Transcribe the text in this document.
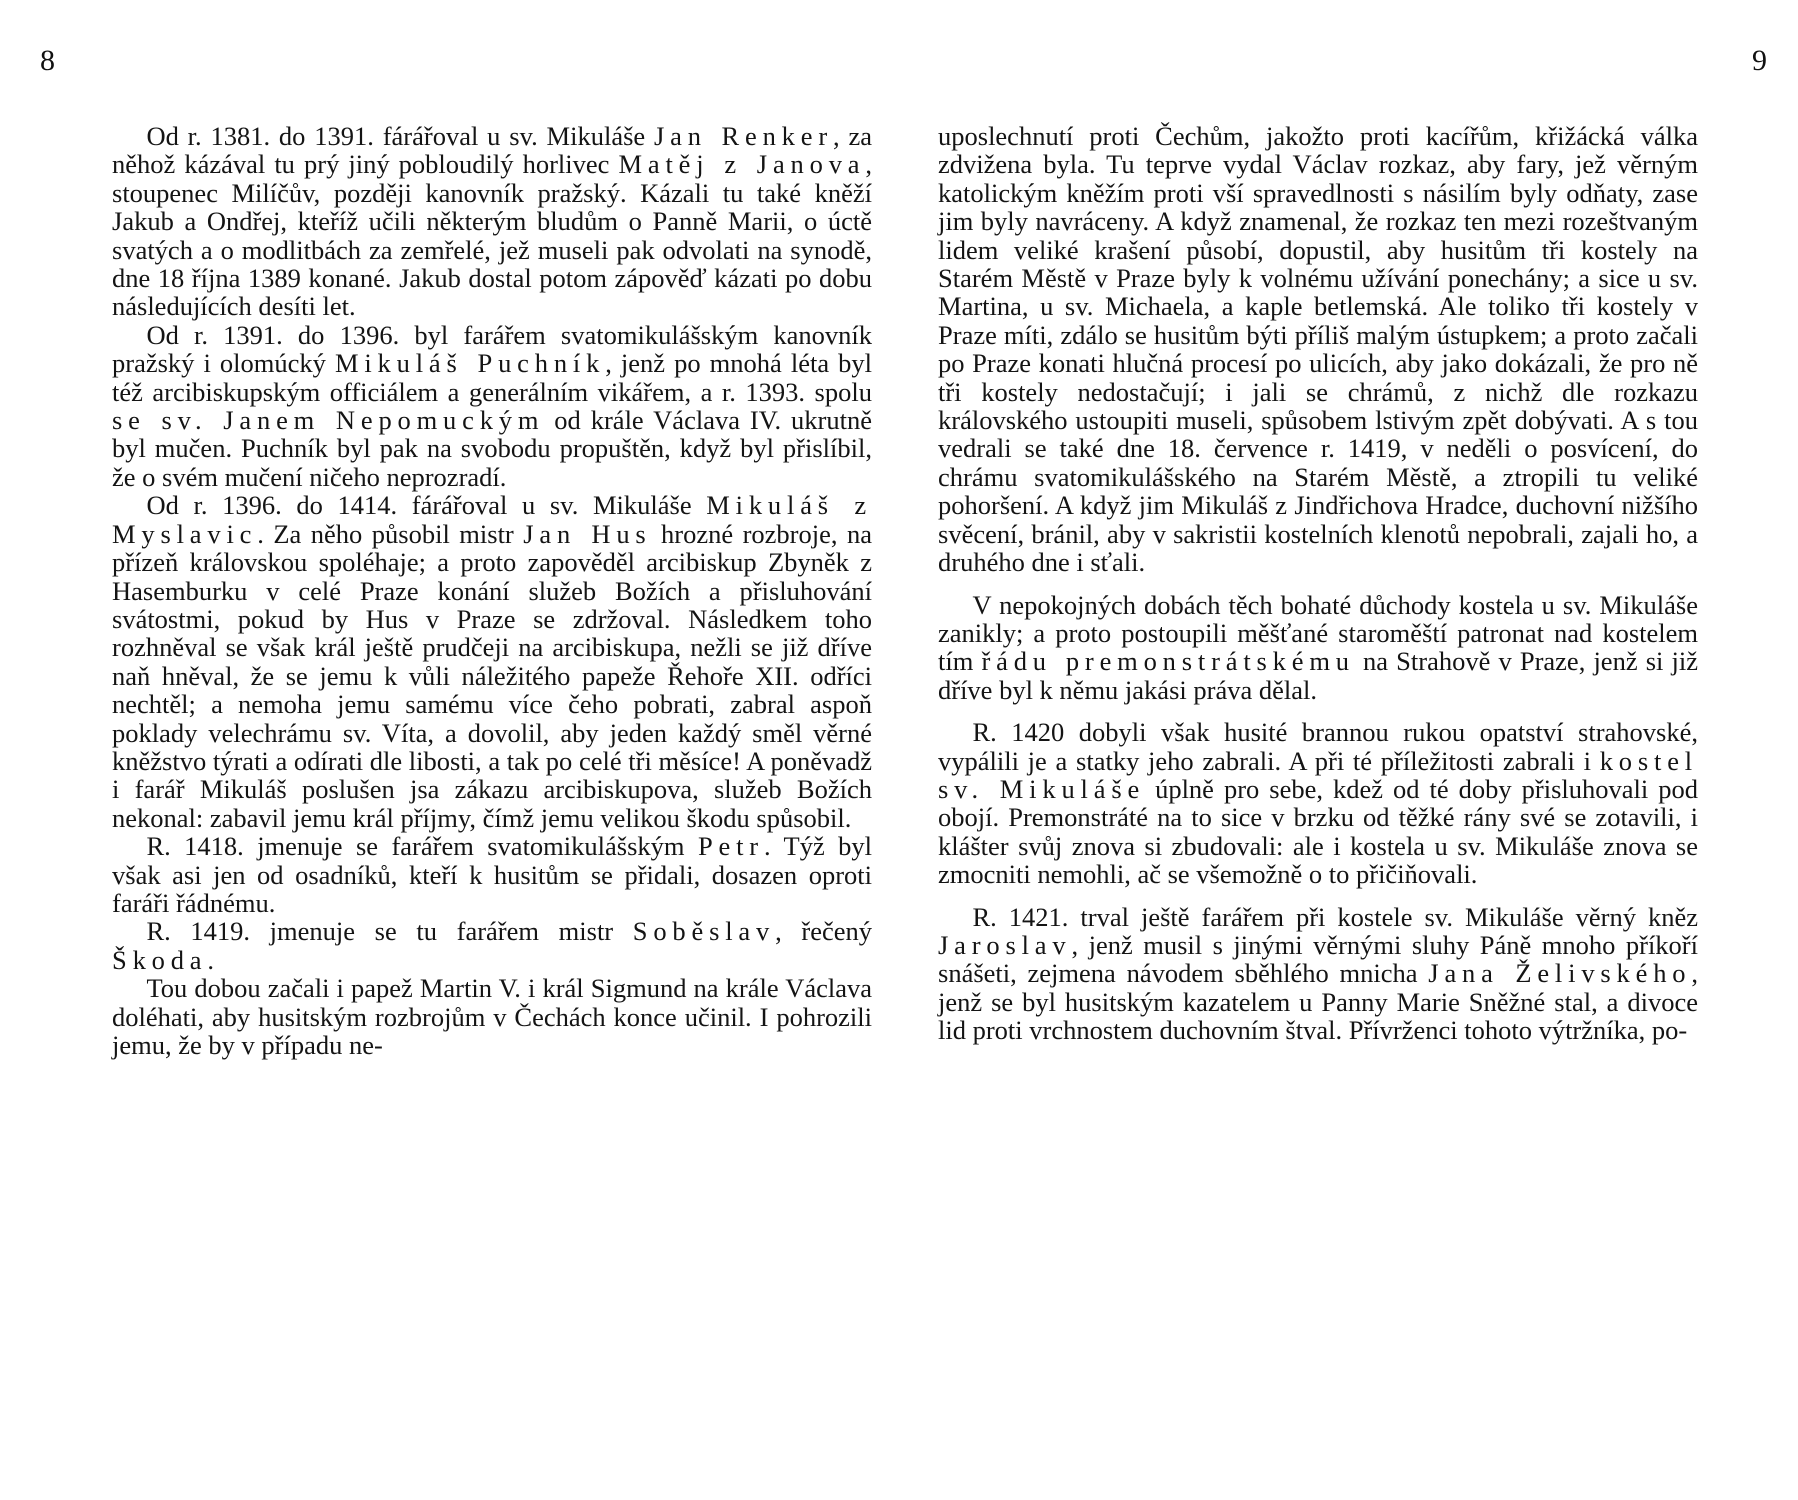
8	9

Od r. 1381. do 1391. fárářoval u sv. Mikuláše Jan Renker, za něhož kázával tu prý jiný pobloudilý horlivec Matěj z Janova, stoupenec Milíčův, později kanovník pražský. Kázali tu také kněží Jakub a Ondřej, kteříž učili některým bludům o Panně Marii, o úctě svatých a o modlitbách za zemřelé, jež museli pak odvolati na synodě, dne 18 října 1389 konané. Jakub dostal potom zápověď kázati po dobu následujících desíti let.

Od r. 1391. do 1396. byl farářem svatomikulášským kanovník pražský i olomúcký Mikuláš Puchník, jenž po mnohá léta byl též arcibiskupským officiálem a generálním vikářem, a r. 1393. spolu se sv. Janem Nepomuckým od krále Václava IV. ukrutně byl mučen. Puchník byl pak na svobodu propuštěn, když byl přislíbil, že o svém mučení ničeho neprozradí.

Od r. 1396. do 1414. fárářoval u sv. Mikuláše Mikuláš z Myslavic. Za něho působil mistr Jan Hus hrozné rozbroje, na přízeň královskou spoléhaje; a proto zapověděl arcibiskup Zbyněk z Hasemburku v celé Praze konání služeb Božích a přisluhování svátostmi, pokud by Hus v Praze se zdržoval. Následkem toho rozhněval se však král ještě prudčeji na arcibiskupa, nežli se již dříve naň hněval, že se jemu k vůli náležitého papeže Řehoře XII. odříci nechtěl; a nemoha jemu samému více čeho pobrati, zabral aspoň poklady velechrámu sv. Víta, a dovolil, aby jeden každý směl věrné kněžstvo týrati a odírati dle libosti, a tak po celé tři měsíce! A poněvadž i farář Mikuláš poslušen jsa zákazu arcibiskupova, služeb Božích nekonal: zabavil jemu král příjmy, čímž jemu velikou škodu spůsobil.

R. 1418. jmenuje se farářem svatomikulášským Petr. Týž byl však asi jen od osadníků, kteří k husitům se přidali, dosazen oproti faráři řádnému.

R. 1419. jmenuje se tu farářem mistr Soběslav, řečený Škoda.

Tou dobou začali i papež Martin V. i král Sigmund na krále Václava doléhati, aby husitským rozbrojům v Čechách konce učinil. I pohrozili jemu, že by v případu ne-

uposlechnutí proti Čechům, jakožto proti kacířům, křižácká válka zdvižena byla. Tu teprve vydal Václav rozkaz, aby fary, jež věrným katolickým kněžím proti vší spravedlnosti s násilím byly odňaty, zase jim byly navráceny. A když znamenal, že rozkaz ten mezi rozeštvaným lidem veliké krašení působí, dopustil, aby husitům tři kostely na Starém Městě v Praze byly k volnému užívání ponechány; a sice u sv. Martina, u sv. Michaela, a kaple betlemská. Ale toliko tři kostely v Praze míti, zdálo se husitům býti příliš malým ústupkem; a proto začali po Praze konati hlučná procesí po ulicích, aby jako dokázali, že pro ně tři kostely nedostačují; i jali se chrámů, z nichž dle rozkazu královského ustoupiti museli, spůsobem lstivým zpět dobývati. A s tou vedrali se také dne 18. července r. 1419, v neděli o posvícení, do chrámu svatomikulášského na Starém Městě, a ztropili tu veliké pohoršení. A když jim Mikuláš z Jindřichova Hradce, duchovní nižšího svěcení, bránil, aby v sakristii kostelních klenotů nepobrali, zajali ho, a druhého dne i sťali.

V nepokojných dobách těch bohaté důchody kostela u sv. Mikuláše zanikly; a proto postoupili měšťané staroměští patronat nad kostelem tím řádu premonstrátskému na Strahově v Praze, jenž si již dříve byl k němu jakási práva dělal.

R. 1420 dobyli však husité brannou rukou opatství strahovské, vypálili je a statky jeho zabrali. A při té příležitosti zabrali i kostel sv. Mikuláše úplně pro sebe, kdež od té doby přisluhovali pod obojí. Premonstráté na to sice v brzku od těžké rány své se zotavili, i klášter svůj znova si zbudovali: ale i kostela u sv. Mikuláše znova se zmocniti nemohli, ač se všemožně o to přičiňovali.

R. 1421. trval ještě farářem při kostele sv. Mikuláše věrný kněz Jaroslav, jenž musil s jinými věrnými sluhy Páně mnoho příkoří snášeti, zejmena návodem sběhlého mnicha Jana Želivského, jenž se byl husitským kazatelem u Panny Marie Sněžné stal, a divoce lid proti vrchnostem duchovním štval. Přívrženci tohoto výtržníka, po-
